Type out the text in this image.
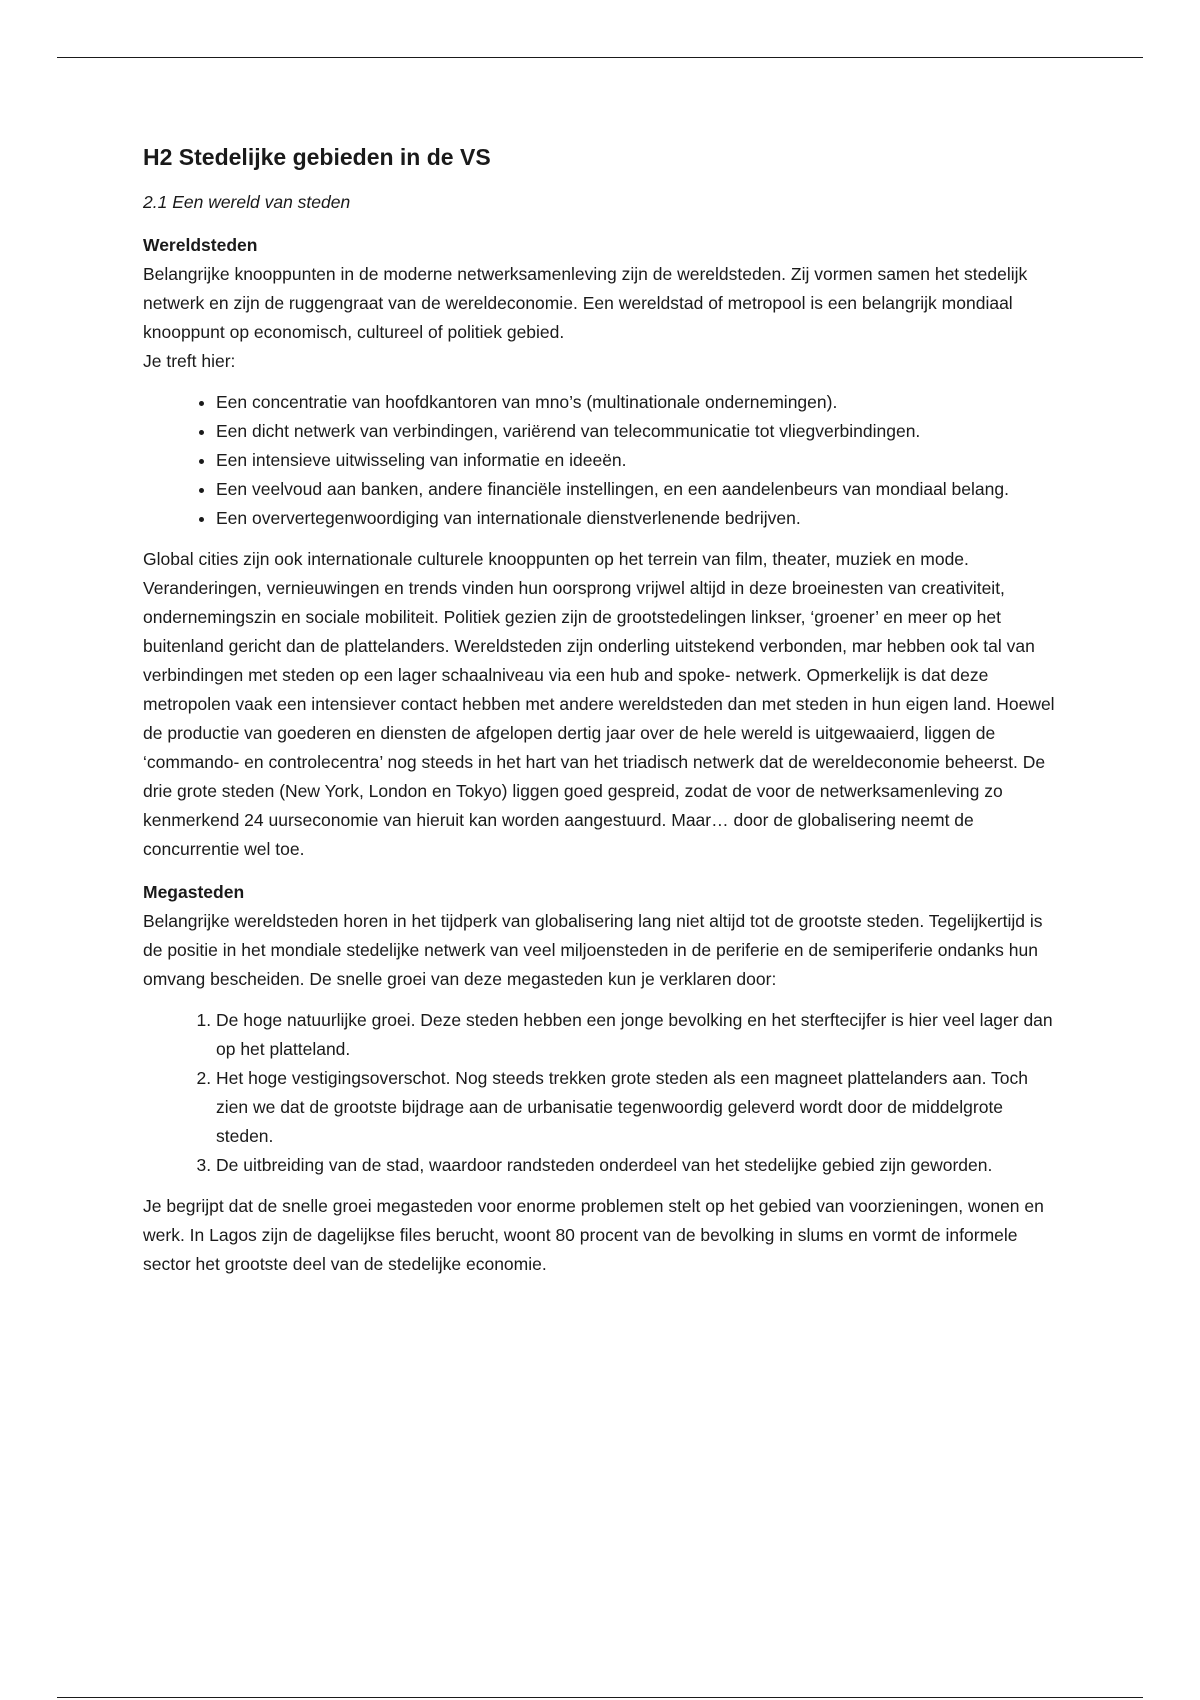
H2 Stedelijke gebieden in de VS

2.1 Een wereld van steden

Wereldsteden

Belangrijke knooppunten in de moderne netwerksamenleving zijn de wereldsteden. Zij vormen samen het stedelijk netwerk en zijn de ruggengraat van de wereldeconomie. Een wereldstad of metropool is een belangrijk mondiaal knooppunt op economisch, cultureel of politiek gebied.

Je treft hier:

• Een concentratie van hoofdkantoren van mno’s (multinationale ondernemingen).
• Een dicht netwerk van verbindingen, variërend van telecommunicatie tot vliegverbindingen.
• Een intensieve uitwisseling van informatie en ideeën.
• Een veelvoud aan banken, andere financiële instellingen, en een aandelenbeurs van mondiaal belang.
• Een oververtegenwoordiging van internationale dienstverlenende bedrijven.

Global cities zijn ook internationale culturele knooppunten op het terrein van film, theater, muziek en mode. Veranderingen, vernieuwingen en trends vinden hun oorsprong vrijwel altijd in deze broeinesten van creativiteit, ondernemingszin en sociale mobiliteit. Politiek gezien zijn de grootstedelingen linkser, ‘groener’ en meer op het buitenland gericht dan de plattelanders. Wereldsteden zijn onderling uitstekend verbonden, mar hebben ook tal van verbindingen met steden op een lager schaalniveau via een hub and spoke- netwerk. Opmerkelijk is dat deze metropolen vaak een intensiever contact hebben met andere wereldsteden dan met steden in hun eigen land. Hoewel de productie van goederen en diensten de afgelopen dertig jaar over de hele wereld is uitgewaaierd, liggen de ‘commando- en controlecentra’ nog steeds in het hart van het triadisch netwerk dat de wereldeconomie beheerst. De drie grote steden (New York, London en Tokyo) liggen goed gespreid, zodat de voor de netwerksamenleving zo kenmerkend 24 uurseconomie van hieruit kan worden aangestuurd. Maar… door de globalisering neemt de concurrentie wel toe.

Megasteden

Belangrijke wereldsteden horen in het tijdperk van globalisering lang niet altijd tot de grootste steden. Tegelijkertijd is de positie in het mondiale stedelijke netwerk van veel miljoensteden in de periferie en de semiperiferie ondanks hun omvang bescheiden. De snelle groei van deze megasteden kun je verklaren door:

1. De hoge natuurlijke groei. Deze steden hebben een jonge bevolking en het sterftecijfer is hier veel lager dan op het platteland.
2. Het hoge vestigingsoverschot. Nog steeds trekken grote steden als een magneet plattelanders aan. Toch zien we dat de grootste bijdrage aan de urbanisatie tegenwoordig geleverd wordt door de middelgrote steden.
3. De uitbreiding van de stad, waardoor randsteden onderdeel van het stedelijke gebied zijn geworden.

Je begrijpt dat de snelle groei megasteden voor enorme problemen stelt op het gebied van voorzieningen, wonen en werk. In Lagos zijn de dagelijkse files berucht, woont 80 procent van de bevolking in slums en vormt de informele sector het grootste deel van de stedelijke economie.
